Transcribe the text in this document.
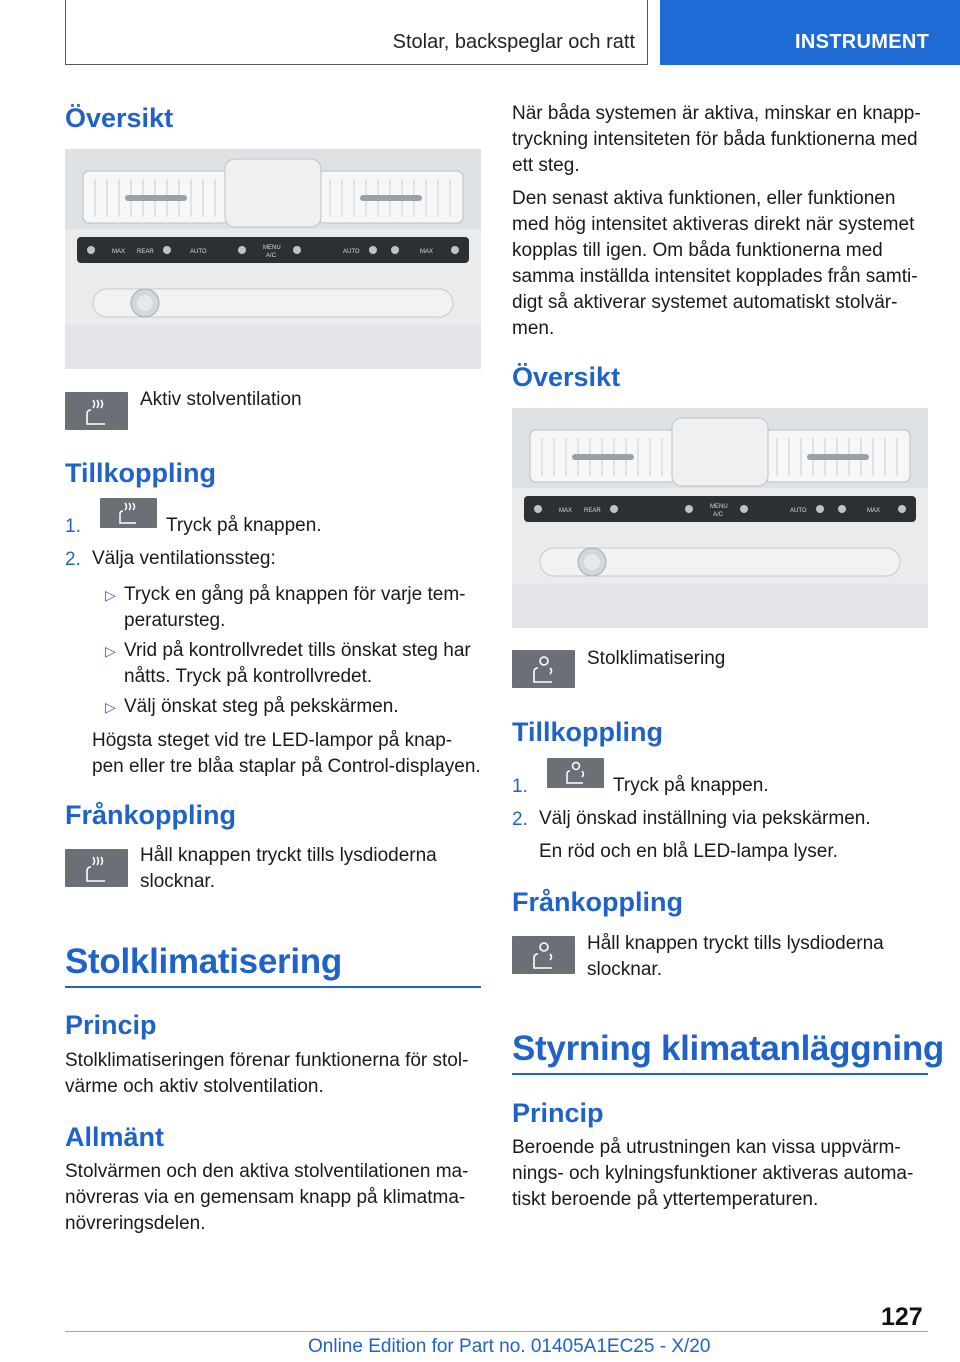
Stolar, backspeglar och ratt	INSTRUMENT
Översikt
MAX REAR	AUTO
MENU
A/C
AUTO	MAX
Aktiv stolventilation
Tillkoppling
1.	Tryck på knappen.
2. Välja ventilationssteg:
▷ Tryck en gång på knappen för varje tem-
peratursteg.
▷ Vrid på kontrollvredet tills önskat steg har
nåtts. Tryck på kontrollvredet.
▷ Välj önskat steg på pekskärmen.
Högsta steget vid tre LED-lampor på knap-
pen eller tre blåa staplar på Control-displayen.
Frånkoppling
Håll knappen tryckt tills lysdioderna
slocknar.
Stolklimatisering
Princip
Stolklimatiseringen förenar funktionerna för stol-
värme och aktiv stolventilation.
Allmänt
Stolvärmen och den aktiva stolventilationen ma-
növreras via en gemensam knapp på klimatma-
növreringsdelen.
När båda systemen är aktiva, minskar en knapp-
tryckning intensiteten för båda funktionerna med
ett steg.
Den senast aktiva funktionen, eller funktionen
med hög intensitet aktiveras direkt när systemet
kopplas till igen. Om båda funktionerna med
samma inställda intensitet kopplades från samti-
digt så aktiverar systemet automatiskt stolvär-
men.
Översikt
MAX REAR
MENU
A/C
AUTO	MAX
Stolklimatisering
Tillkoppling
1.	Tryck på knappen.
2. Välj önskad inställning via pekskärmen.
En röd och en blå LED-lampa lyser.
Frånkoppling
Håll knappen tryckt tills lysdioderna
slocknar.
Styrning klimatanläggning
Princip
Beroende på utrustningen kan vissa uppvärm-
nings- och kylningsfunktioner aktiveras automa-
tiskt beroende på yttertemperaturen.
127
Online Edition for Part no. 01405A1EC25 - X/20
